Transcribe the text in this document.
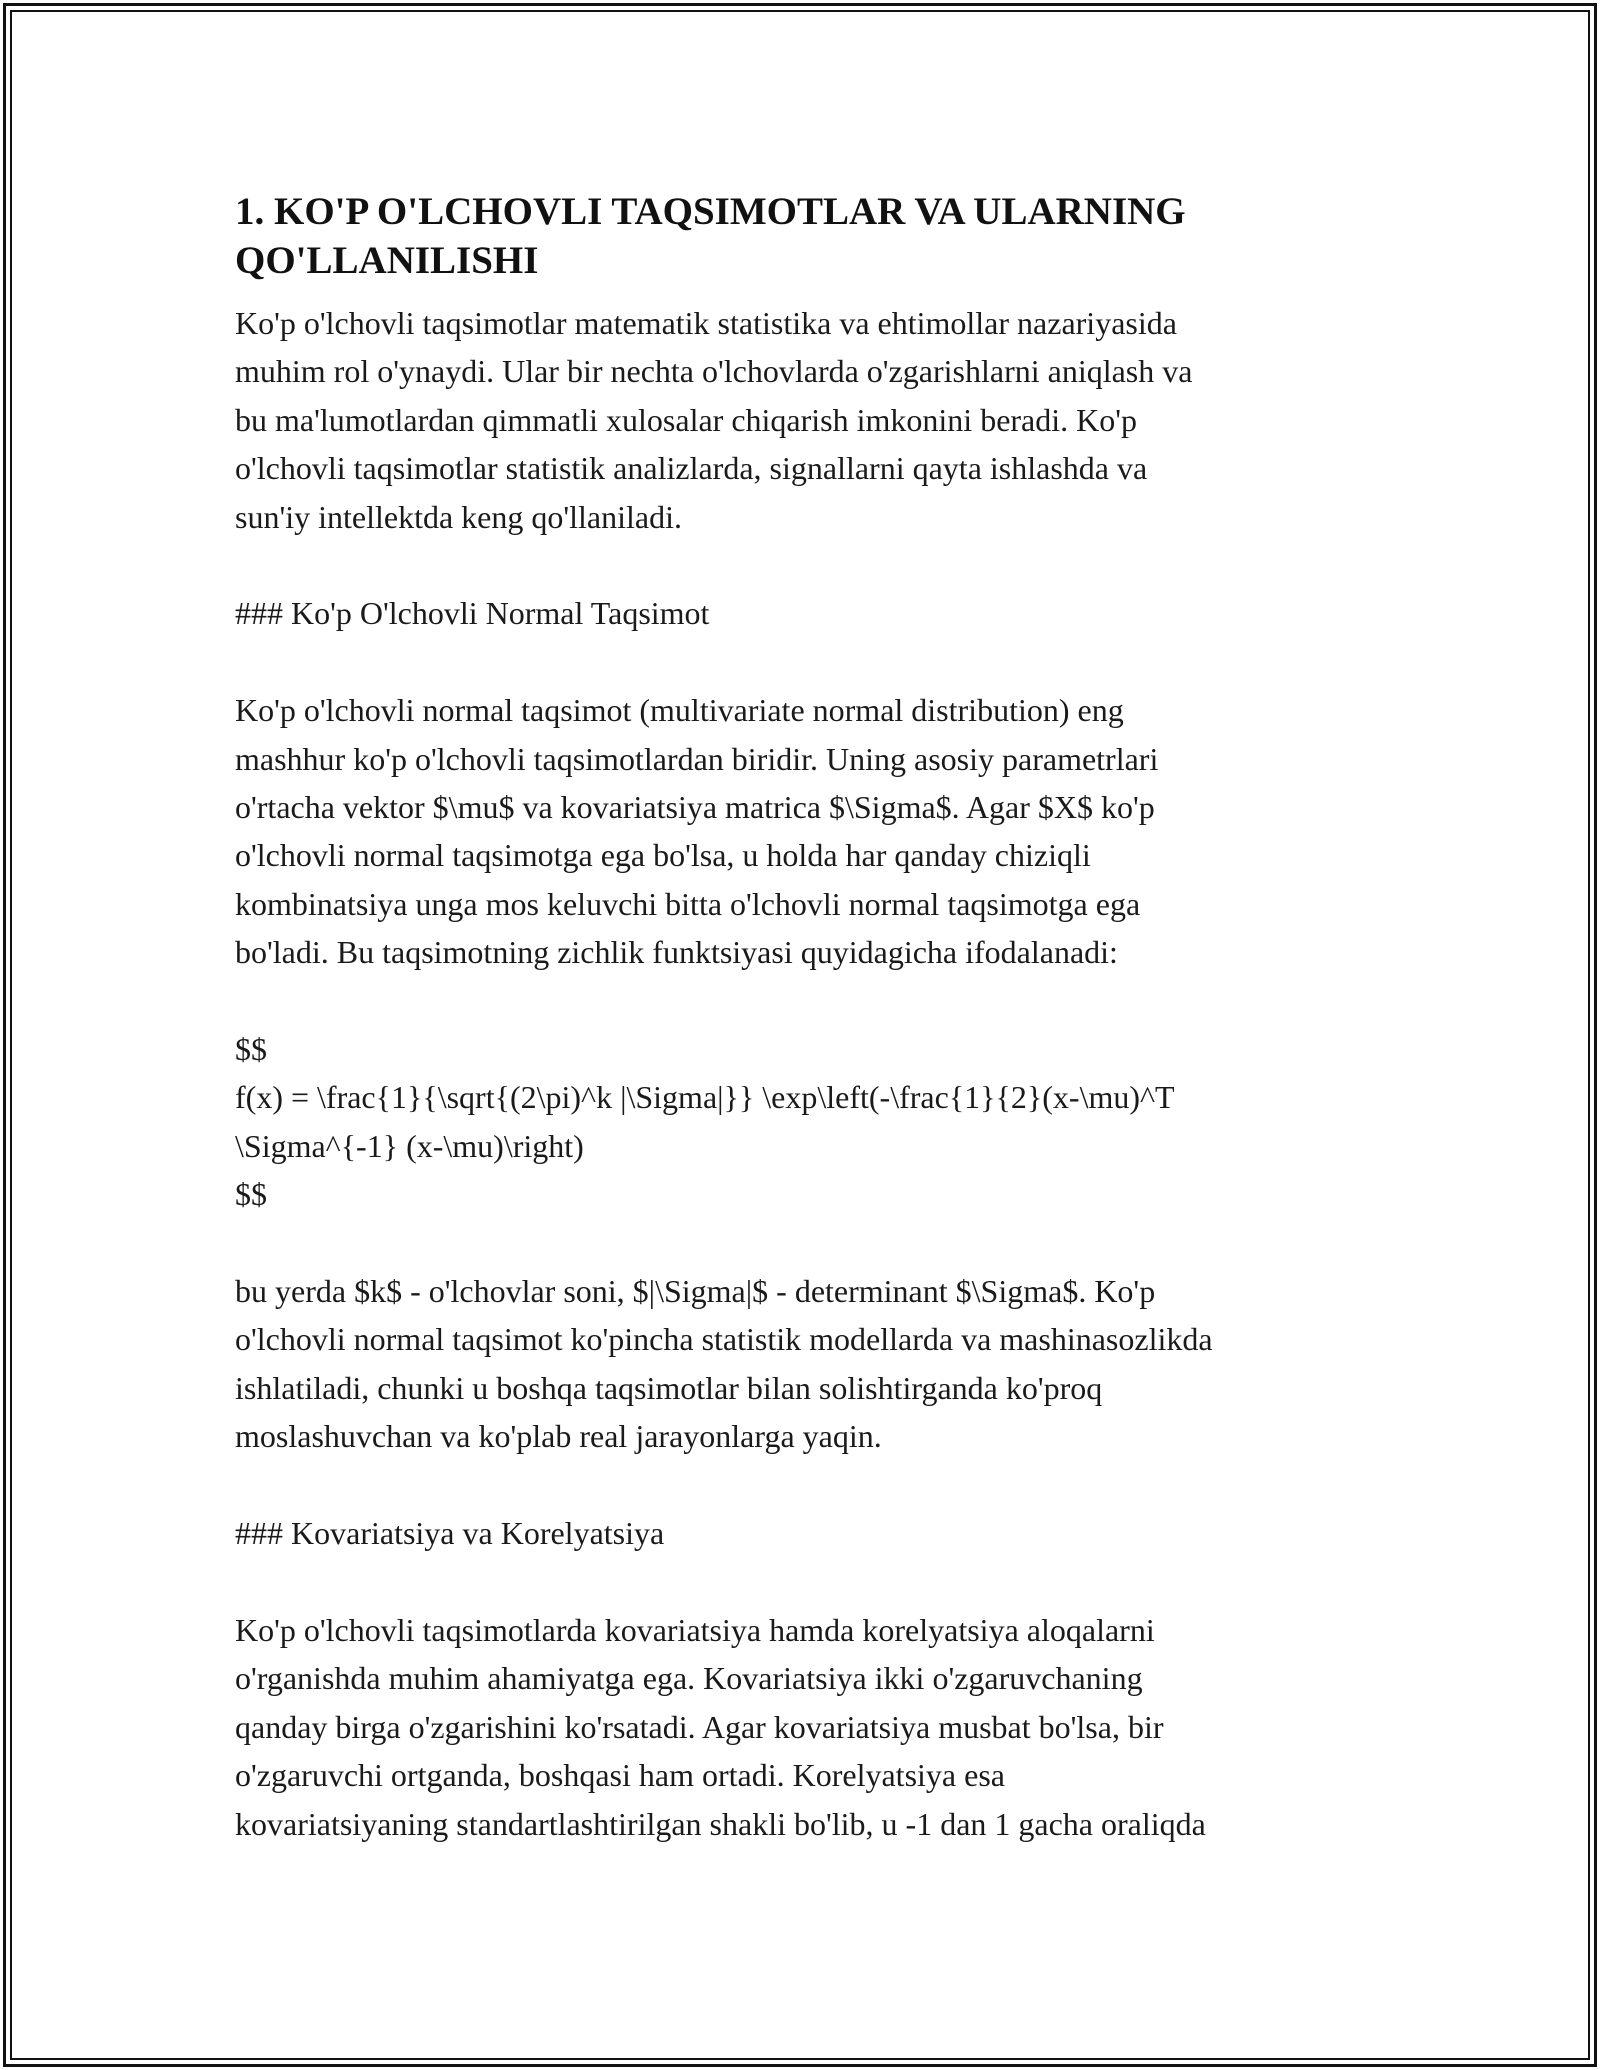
1. KO'P O'LCHOVLI TAQSIMOTLAR VA ULARNING
QO'LLANILISHI
Ko'p o'lchovli taqsimotlar matematik statistika va ehtimollar nazariyasida
muhim rol o'ynaydi. Ular bir nechta o'lchovlarda o'zgarishlarni aniqlash va
bu ma'lumotlardan qimmatli xulosalar chiqarish imkonini beradi. Ko'p
o'lchovli taqsimotlar statistik analizlarda, signallarni qayta ishlashda va
sun'iy intellektda keng qo'llaniladi.
### Ko'p O'lchovli Normal Taqsimot
Ko'p o'lchovli normal taqsimot (multivariate normal distribution) eng
mashhur ko'p o'lchovli taqsimotlardan biridir. Uning asosiy parametrlari
o'rtacha vektor $\mu$ va kovariatsiya matrica $\Sigma$. Agar $X$ ko'p
o'lchovli normal taqsimotga ega bo'lsa, u holda har qanday chiziqli
kombinatsiya unga mos keluvchi bitta o'lchovli normal taqsimotga ega
bo'ladi. Bu taqsimotning zichlik funktsiyasi quyidagicha ifodalanadi:
$$
f(x) = \frac{1}{\sqrt{(2\pi)^k |\Sigma|}} \exp\left(-\frac{1}{2}(x-\mu)^T
\Sigma^{-1} (x-\mu)\right)
$$
bu yerda $k$ - o'lchovlar soni, $|\Sigma|$ - determinant $\Sigma$. Ko'p
o'lchovli normal taqsimot ko'pincha statistik modellarda va mashinasozlikda
ishlatiladi, chunki u boshqa taqsimotlar bilan solishtirganda ko'proq
moslashuvchan va ko'plab real jarayonlarga yaqin.
### Kovariatsiya va Korelyatsiya
Ko'p o'lchovli taqsimotlarda kovariatsiya hamda korelyatsiya aloqalarni
o'rganishda muhim ahamiyatga ega. Kovariatsiya ikki o'zgaruvchaning
qanday birga o'zgarishini ko'rsatadi. Agar kovariatsiya musbat bo'lsa, bir
o'zgaruvchi ortganda, boshqasi ham ortadi. Korelyatsiya esa
kovariatsiyaning standartlashtirilgan shakli bo'lib, u -1 dan 1 gacha oraliqda
